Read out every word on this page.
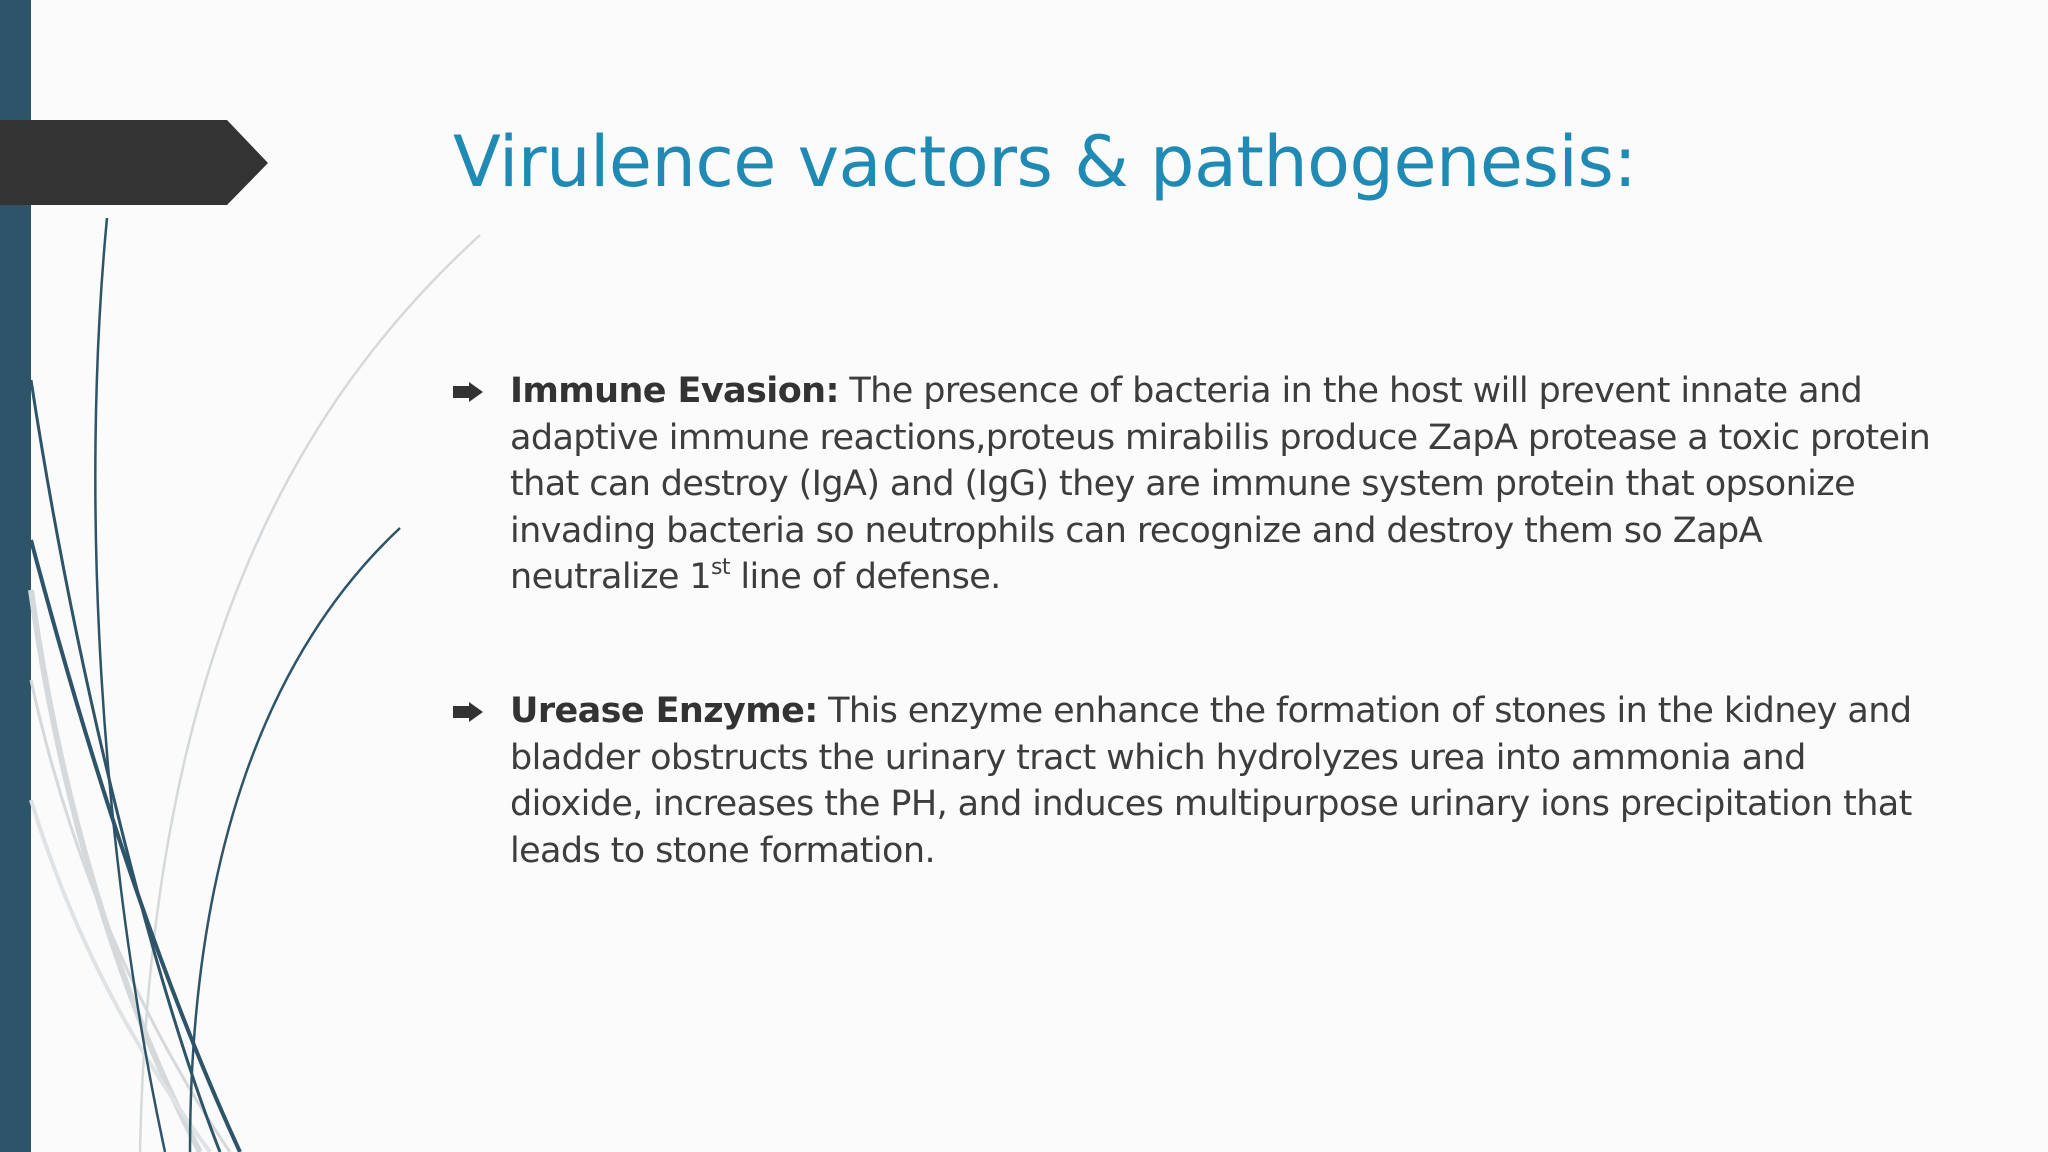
Virulence vactors & pathogenesis:
Immune Evasion: The presence of bacteria in the host will prevent innate and adaptive immune reactions,proteus mirabilis produce ZapA protease a toxic protein that can destroy (IgA) and (IgG) they are immune system protein that opsonize invading bacteria so neutrophils can recognize and destroy them so ZapA neutralize 1st line of defense.
Urease Enzyme: This enzyme enhance the formation of stones in the kidney and bladder obstructs the urinary tract which hydrolyzes urea into ammonia and dioxide, increases the PH, and induces multipurpose urinary ions precipitation that leads to stone formation.
